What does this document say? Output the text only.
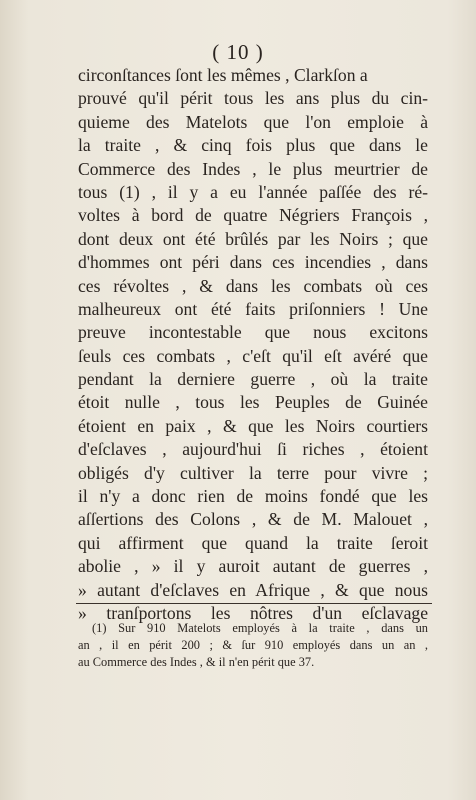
( 10 )
circonſtances ſont les mêmes , Clarkſon a
prouvé qu'il périt tous les ans plus du cin-
quieme des Matelots que l'on emploie à
la traite , & cinq fois plus que dans le
Commerce des Indes , le plus meurtrier de
tous (1) , il y a eu l'année paſſée des ré-
voltes à bord de quatre Négriers François ,
dont deux ont été brûlés par les Noirs ; que
d'hommes ont péri dans ces incendies , dans
ces révoltes , & dans les combats où ces
malheureux ont été faits priſonniers ! Une
preuve incontestable que nous excitons
ſeuls ces combats , c'eſt qu'il eſt avéré que
pendant la derniere guerre , où la traite
étoit nulle , tous les Peuples de Guinée
étoient en paix , & que les Noirs courtiers
d'eſclaves , aujourd'hui ſi riches , étoient
obligés d'y cultiver la terre pour vivre ;
il n'y a donc rien de moins fondé que les
aſſertions des Colons , & de M. Malouet ,
qui affirment que quand la traite ſeroit
abolie , » il y auroit autant de guerres ,
» autant d'eſclaves en Afrique , & que nous
» tranſportons les nôtres d'un eſclavage
(1) Sur 910 Matelots employés à la traite , dans un
an , il en périt 200 ; & ſur 910 employés dans un an ,
au Commerce des Indes , & il n'en périt que 37.
